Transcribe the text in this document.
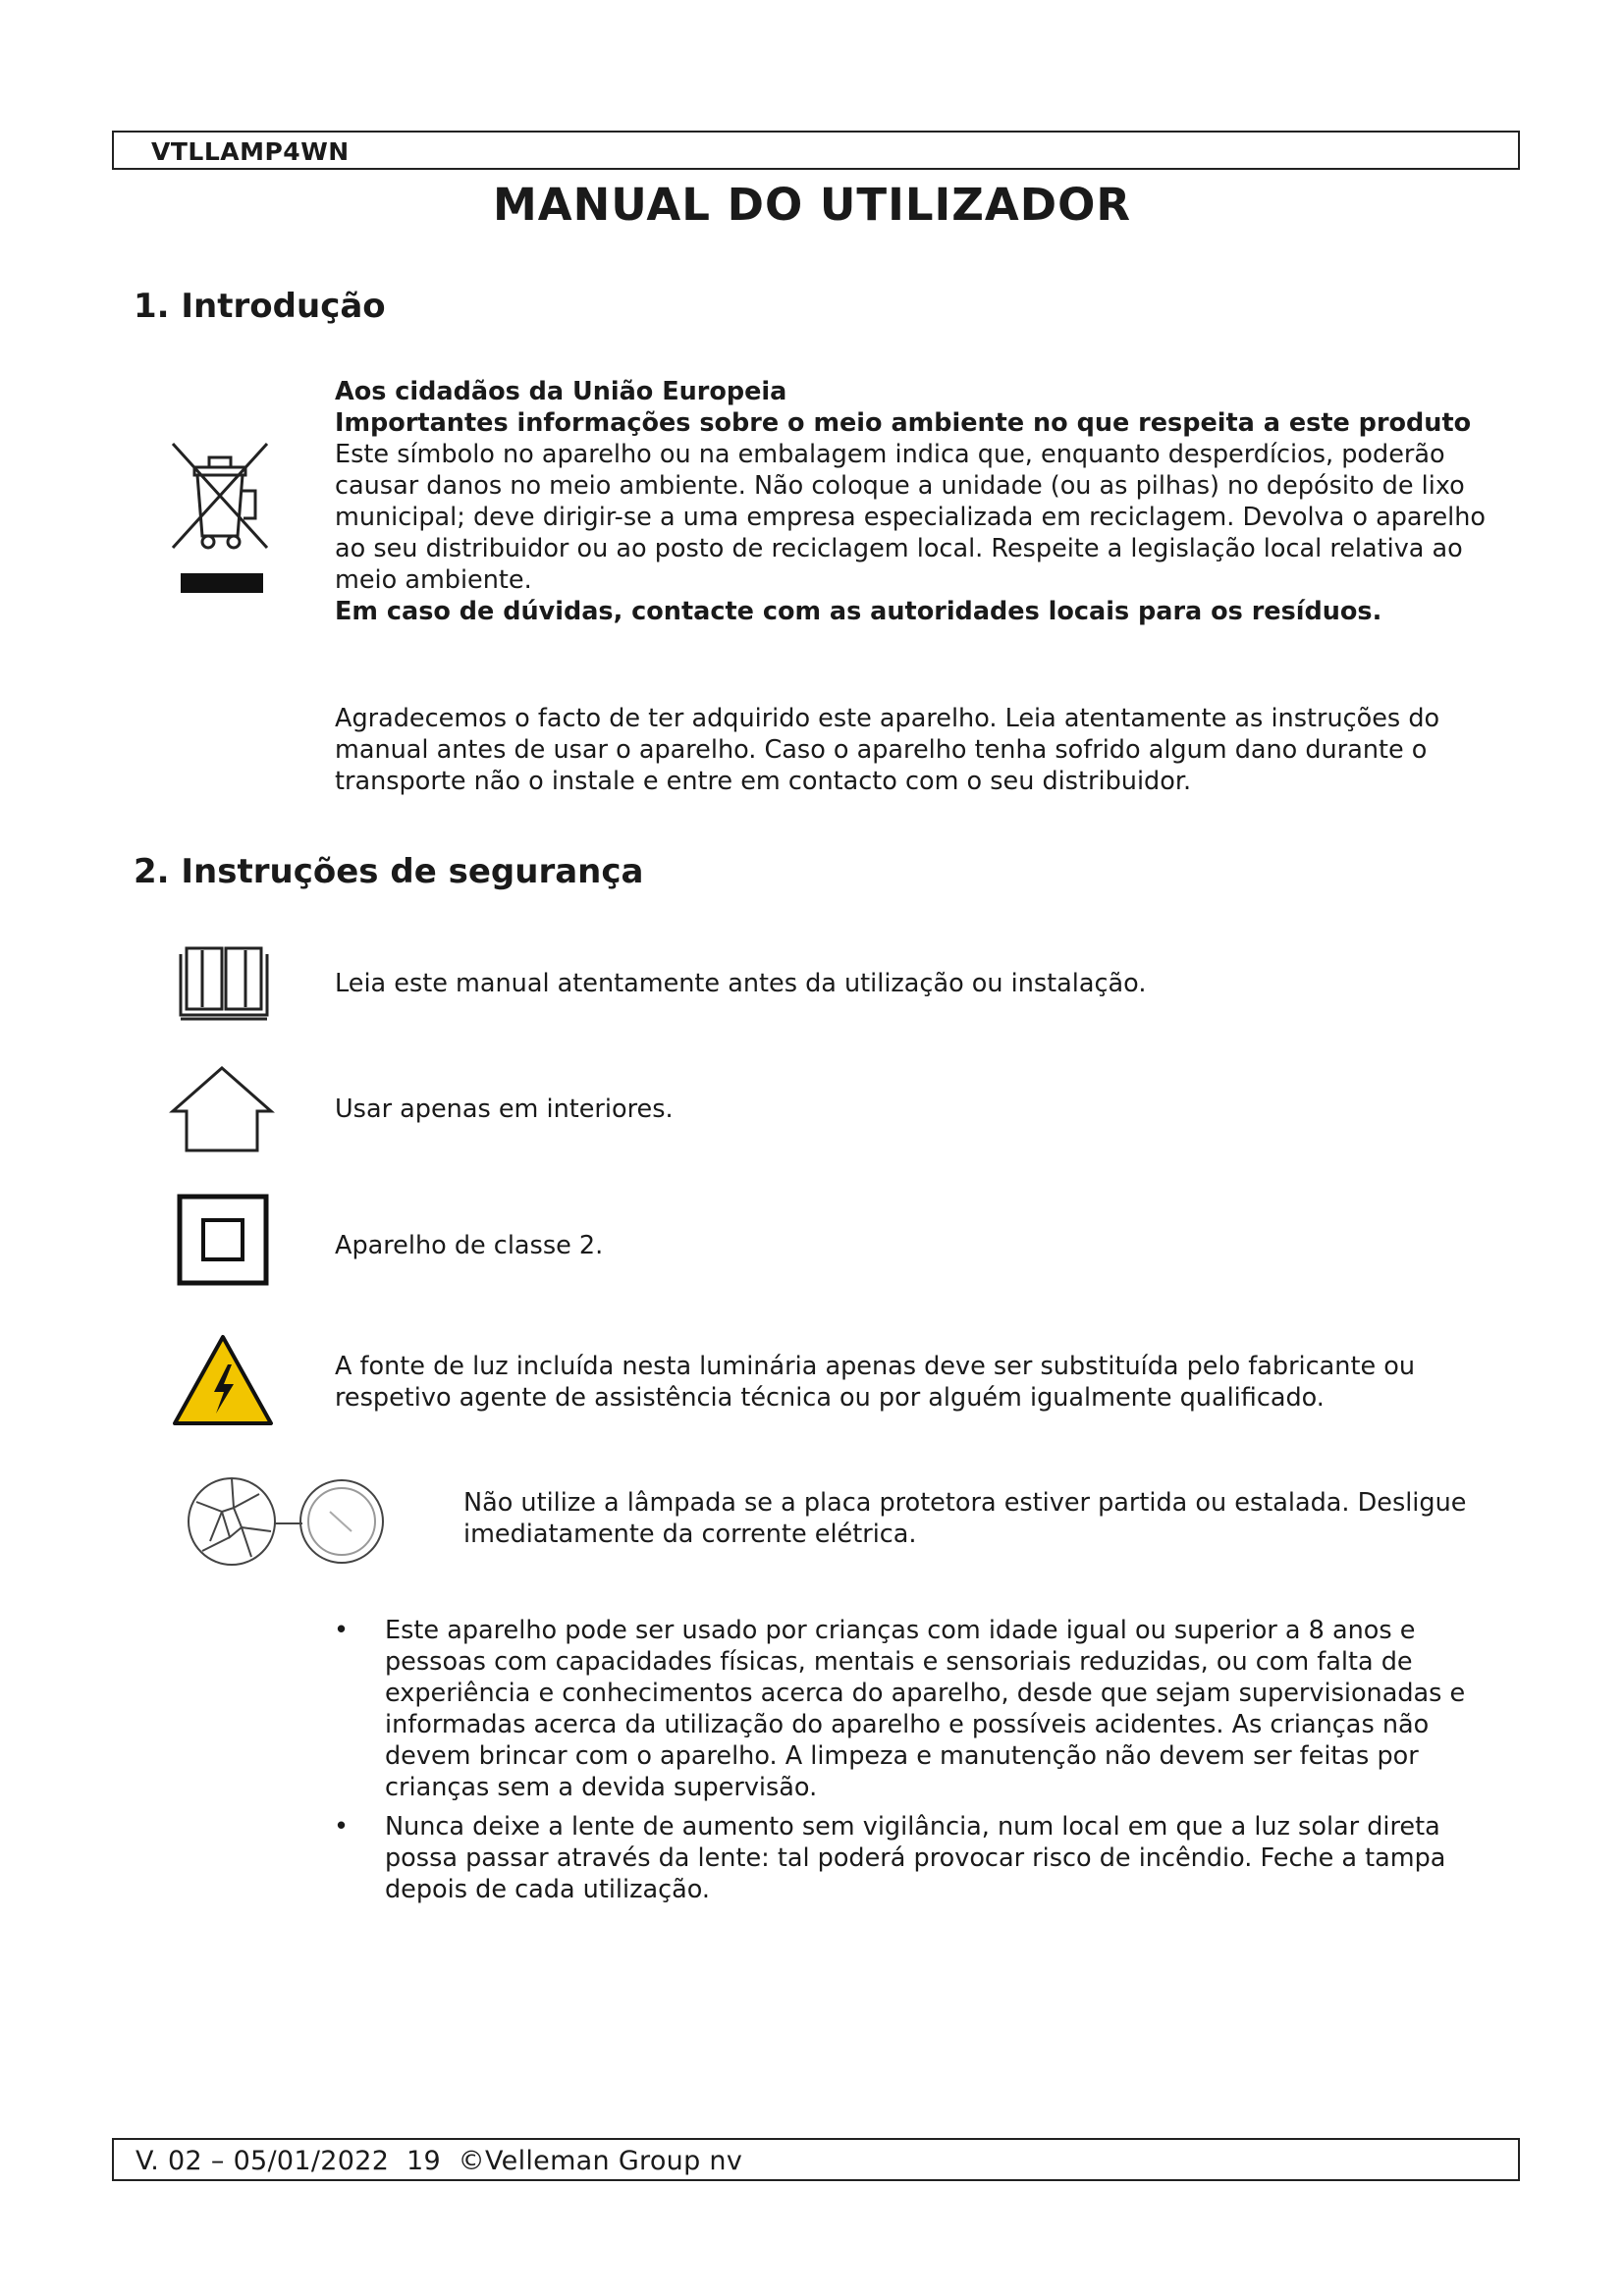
VTLLAMP4WN
MANUAL DO UTILIZADOR
1. Introdução

Aos cidadãos da União Europeia

Importantes informações sobre o meio ambiente no que respeita a este produto

Este símbolo no aparelho ou na embalagem indica que, enquanto desperdícios, poderão causar danos no meio ambiente. Não coloque a unidade (ou as pilhas) no depósito de lixo municipal; deve dirigir-se a uma empresa especializada em reciclagem. Devolva o aparelho ao seu distribuidor ou ao posto de reciclagem local. Respeite a legislação local relativa ao meio ambiente.

Em caso de dúvidas, contacte com as autoridades locais para os resíduos.

Agradecemos o facto de ter adquirido este aparelho. Leia atentamente as instruções do manual antes de usar o aparelho. Caso o aparelho tenha sofrido algum dano durante o transporte não o instale e entre em contacto com o seu distribuidor.
2. Instruções de segurança
Leia este manual atentamente antes da utilização ou instalação.
Usar apenas em interiores.
Aparelho de classe 2.
A fonte de luz incluída nesta luminária apenas deve ser substituída pelo fabricante ou respetivo agente de assistência técnica ou por alguém igualmente qualificado.
Não utilize a lâmpada se a placa protetora estiver partida ou estalada. Desligue imediatamente da corrente elétrica.
• Este aparelho pode ser usado por crianças com idade igual ou superior a 8 anos e pessoas com capacidades físicas, mentais e sensoriais reduzidas, ou com falta de experiência e conhecimentos acerca do aparelho, desde que sejam supervisionadas e informadas acerca da utilização do aparelho e possíveis acidentes. As crianças não devem brincar com o aparelho. A limpeza e manutenção não devem ser feitas por crianças sem a devida supervisão.
• Nunca deixe a lente de aumento sem vigilância, num local em que a luz solar direta possa passar através da lente: tal poderá provocar risco de incêndio. Feche a tampa depois de cada utilização.
V. 02 – 05/01/2022  19  ©Velleman Group nv
